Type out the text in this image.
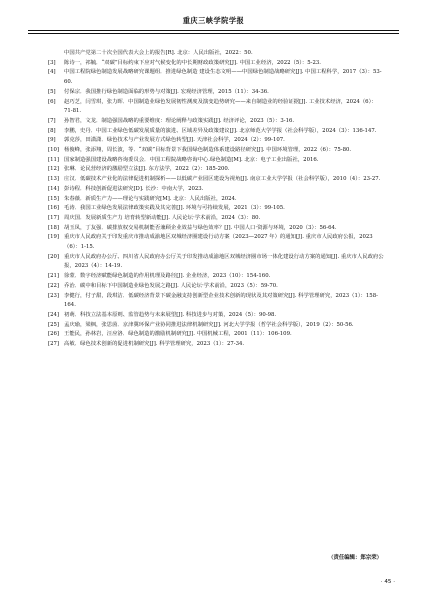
重庆三峡学院学报
中国共产党第二十次全国代表大会上的报告[R]. 北京：人民出版社，2022：50.
[3] 陈诗一，祁毓．“双碳”目标约束下应对气候变化的中长期财政政策研究[J]. 中国工业经济，2022（5）：5-23.
[4] 中国工程院绿色制造发展战略研究课题组．推进绿色制造 建设生态文明——中国绿色制造战略研究[J]. 中国工程科学，2017（3）：53-60.
[5] 付保宗．我国推行绿色制造面临的形势与对策[J]. 宏观经济管理，2015（11）：34-36.
[6] 赵巧芝，闫雪琪，张力晖．中国制造业绿色发展韧性测度及演变趋势研究——来自制造业的经验证据[J]. 工业技术经济，2024（6）：71-81.
[7] 孙智君，文龙．制造强国战略的重要维度：理论阐释与政策实践[J]. 经济评论，2023（5）：3-16.
[8] 李鹏，史丹．中国工业绿色低碳发展质量的演进、区域差异及政策建议[J]. 北京师范大学学报（社会科学版），2024（3）：136-147.
[9] 郭克莎，田潇潇．绿色技术与产业发展方式绿色转型[J]. 天津社会科学，2024（2）：99-107.
[10] 杨俊峰，张添翔，周长波，等．“双碳”目标背景下我国绿色制造体系建设路径研究[J]. 中国环境管理，2022（6）：75-80.
[11] 国家制造强国建设战略咨询委员会．中国工程院战略咨询中心.绿色制造[M]. 北京：电子工业出版社，2016.
[12] 张琳．论民营经济的激励型立法[J]. 东方法学，2022（2）：185-200.
[13] 庄汉．低碳技术产业化的法律促进机制探析——以低碳产业园区建设为视角[J]. 南京工业大学学报（社会科学版），2010（4）：23-27.
[14] 彭诗程．科技创新促进法研究[D]. 长沙：中南大学，2023.
[15] 朱春薇．新质生产力——理论与实践研究[M]. 北京：人民出版社，2024.
[16] 毛涛．我国工业绿色发展法律政策实践及其完善[J]. 环境与可持续发展，2021（3）：99-105.
[17] 周庆国．发展新质生产力 培育转型新动能[J]. 人民论坛·学术前沿，2024（3）：80.
[18] 胡玉凤，丁友强．碳排放权交易机制能否兼顾企业效益与绿色效率？[J]. 中国人口·资源与环境，2020（3）：56-64.
[19] 重庆市人民政府关于印发重庆市推动成渝地区双城经济圈建设行动方案（2023—2027 年）的通知[J]. 重庆市人民政府公报，2023（6）：1-15.
[20] 重庆市人民政府办公厅、四川省人民政府办公厅关于印发推动成渝地区双城经济圈市场一体化建设行动方案的通知[J]. 重庆市人民政府公报，2023（4）：14-19.
[21] 徐蒙．数字经济赋能绿色制造的作用机理及路径[J]. 企业经济，2023（10）：154-160.
[22] 乔治．碳中和目标下中国制造业绿色发展之路[J]. 人民论坛·学术前沿，2023（5）：59-70.
[23] 李健行，付子甜，段琪洁．低碳经济背景下碳金融支持创新型企业技术创新的现状及其对策研究[J]. 科学管理研究，2023（1）：158-164.
[24] 初萌．科技立法基本原则、监管趋势与未来展望[J]. 科技进步与对策，2024（5）：90-98.
[25] 孟庆瑜，梁枫，张思茵．京津冀环保产业协同推进法律机制研究[J]. 河北大学学报（哲学社会科学版），2019（2）：50-56.
[26] 王能民，孙林岩，汪应洛．绿色制造的激励机制研究[J]. 中国机械工程，2001（11）：106-109.
[27] 高敏．绿色技术创新的促进机制研究[J]. 科学管理研究，2023（1）：27-34.
（责任编辑：郑宗荣）
· 45 ·
